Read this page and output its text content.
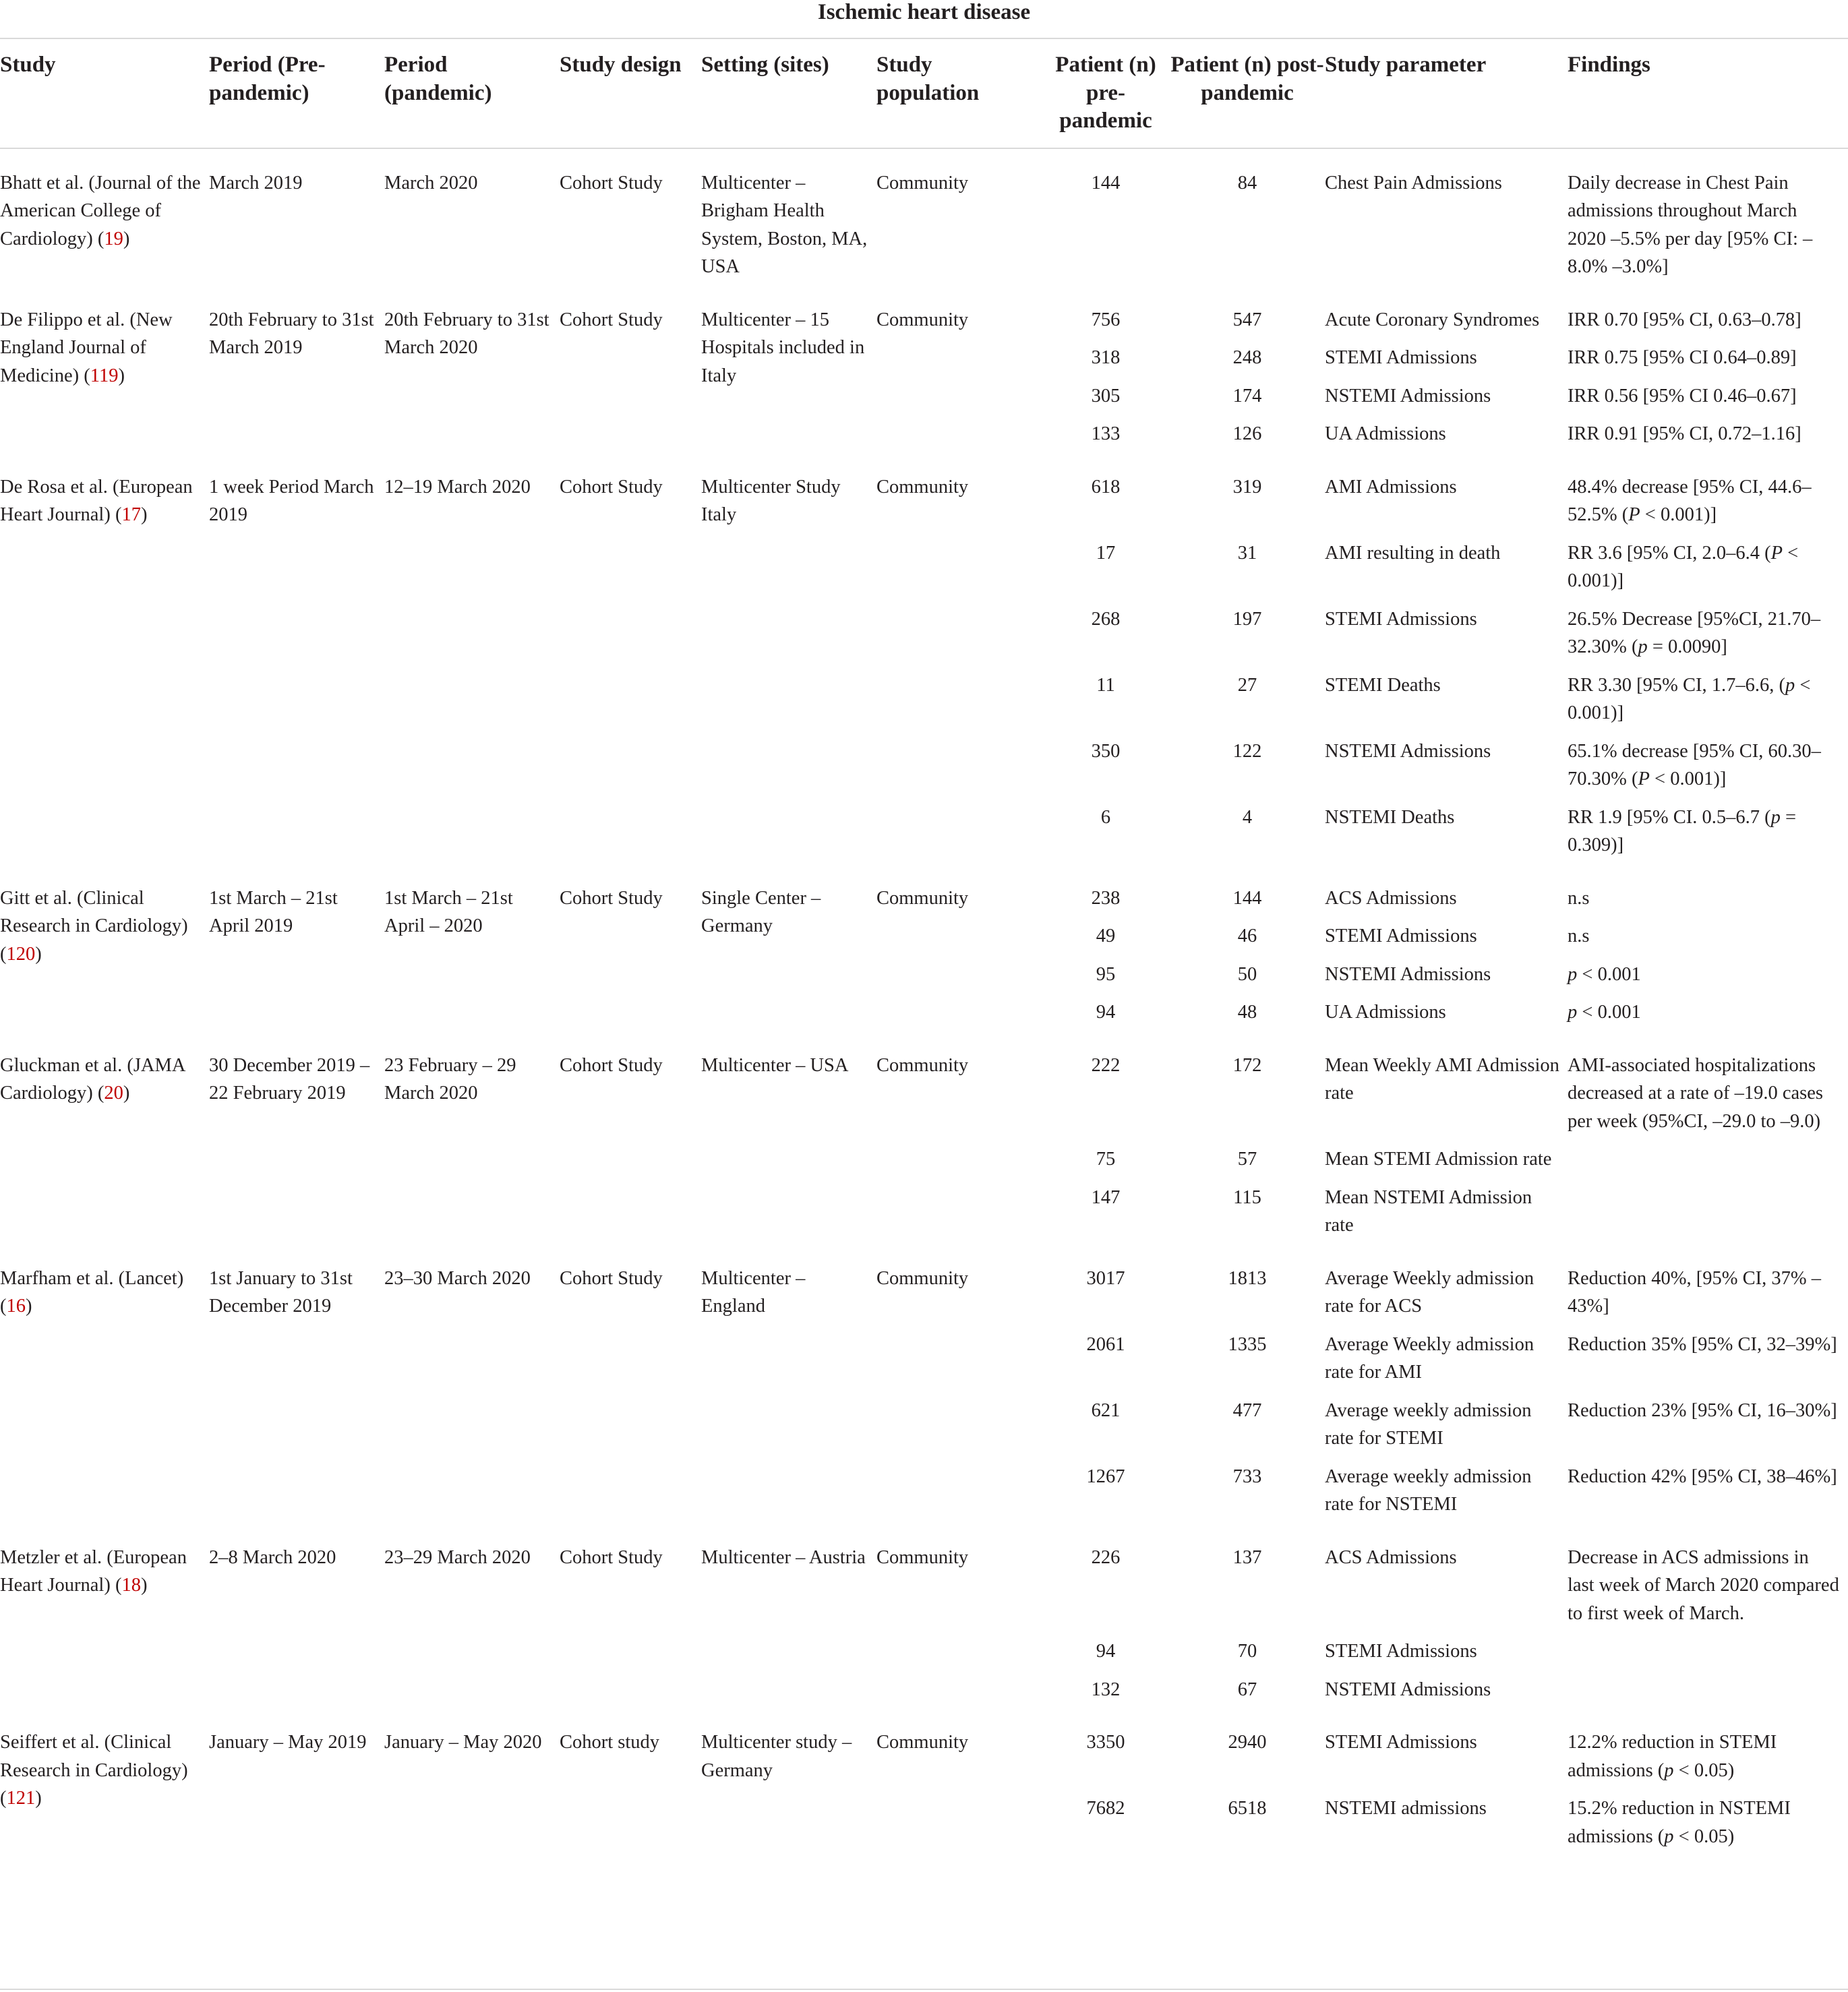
Ischemic heart disease
Study	Period (Pre-pandemic)	Period (pandemic)	Study design	Setting (sites)	Study population	Patient (n) pre-pandemic	Patient (n) post-pandemic	Study parameter	Findings
Bhatt et al. (Journal of the American College of Cardiology) (19)	March 2019	March 2020	Cohort Study	Multicenter – Brigham Health System, Boston, MA, USA	Community	144	84	Chest Pain Admissions	Daily decrease in Chest Pain admissions throughout March 2020 –5.5% per day [95% CI: –8.0% –3.0%]
De Filippo et al. (New England Journal of Medicine) (119)	20th February to 31st March 2019	20th February to 31st March 2020	Cohort Study	Multicenter – 15 Hospitals included in Italy	Community	756	547	Acute Coronary Syndromes	IRR 0.70 [95% CI, 0.63–0.78]
						318	248	STEMI Admissions	IRR 0.75 [95% CI 0.64–0.89]
						305	174	NSTEMI Admissions	IRR 0.56 [95% CI 0.46–0.67]
						133	126	UA Admissions	IRR 0.91 [95% CI, 0.72–1.16]
De Rosa et al. (European Heart Journal) (17)	1 week Period March 2019	12–19 March 2020	Cohort Study	Multicenter Study Italy	Community	618	319	AMI Admissions	48.4% decrease [95% CI, 44.6–52.5% (P < 0.001)]
						17	31	AMI resulting in death	RR 3.6 [95% CI, 2.0–6.4 (P < 0.001)]
						268	197	STEMI Admissions	26.5% Decrease [95%CI, 21.70–32.30% (p = 0.0090]
						11	27	STEMI Deaths	RR 3.30 [95% CI, 1.7–6.6, (p < 0.001)]
						350	122	NSTEMI Admissions	65.1% decrease [95% CI, 60.30–70.30% (P < 0.001)]
						6	4	NSTEMI Deaths	RR 1.9 [95% CI. 0.5–6.7 (p = 0.309)]
Gitt et al. (Clinical Research in Cardiology) (120)	1st March – 21st April 2019	1st March – 21st April – 2020	Cohort Study	Single Center – Germany	Community	238	144	ACS Admissions	n.s
						49	46	STEMI Admissions	n.s
						95	50	NSTEMI Admissions	p < 0.001
						94	48	UA Admissions	p < 0.001
Gluckman et al. (JAMA Cardiology) (20)	30 December 2019 – 22 February 2019	23 February – 29 March 2020	Cohort Study	Multicenter – USA	Community	222	172	Mean Weekly AMI Admission rate	AMI-associated hospitalizations decreased at a rate of –19.0 cases per week (95%CI, –29.0 to –9.0)
						75	57	Mean STEMI Admission rate	
						147	115	Mean NSTEMI Admission rate	
Marfham et al. (Lancet) (16)	1st January to 31st December 2019	23–30 March 2020	Cohort Study	Multicenter – England	Community	3017	1813	Average Weekly admission rate for ACS	Reduction 40%, [95% CI, 37% –43%]
						2061	1335	Average Weekly admission rate for AMI	Reduction 35% [95% CI, 32–39%]
						621	477	Average weekly admission rate for STEMI	Reduction 23% [95% CI, 16–30%]
						1267	733	Average weekly admission rate for NSTEMI	Reduction 42% [95% CI, 38–46%]
Metzler et al. (European Heart Journal) (18)	2–8 March 2020	23–29 March 2020	Cohort Study	Multicenter – Austria	Community	226	137	ACS Admissions	Decrease in ACS admissions in last week of March 2020 compared to first week of March.
						94	70	STEMI Admissions	
						132	67	NSTEMI Admissions	
Seiffert et al. (Clinical Research in Cardiology) (121)	January – May 2019	January – May 2020	Cohort study	Multicenter study – Germany	Community	3350	2940	STEMI Admissions	12.2% reduction in STEMI admissions (p < 0.05)
						7682	6518	NSTEMI admissions	15.2% reduction in NSTEMI admissions (p < 0.05)
